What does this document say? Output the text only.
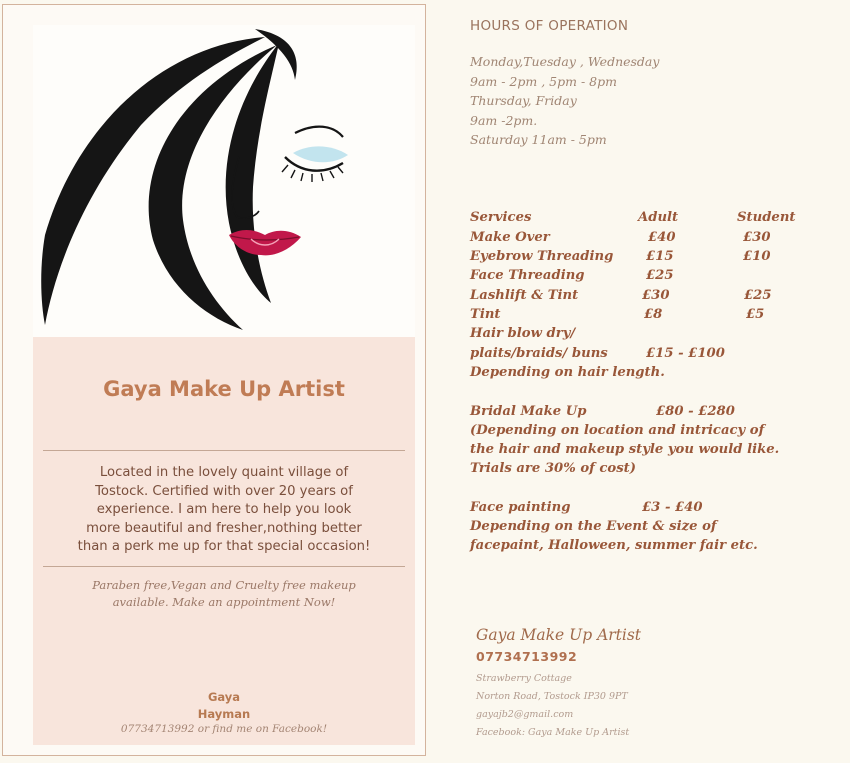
Gaya Make Up Artist
Located in the lovely quaint village of
Tostock. Certified with over 20 years of
experience. I am here to help you look
more beautiful and fresher,nothing better
than a perk me up for that special occasion!
Paraben free,Vegan and Cruelty free makeup
available. Make an appointment Now!
Gaya
Hayman
07734713992 or find me on Facebook!
HOURS OF OPERATION
Monday,Tuesday , Wednesday
9am - 2pm , 5pm - 8pm
Thursday, Friday
9am -2pm.
Saturday 11am - 5pm
Services	Adult	Student
Make Over	£40	£30
Eyebrow Threading £15	£10
Face Threading	£25
Lashlift & Tint	£30	£25
Tint	£8	£5
Hair blow dry/
plaits/braids/ buns	£15 - £100
Depending on hair length.
Bridal Make Up	£80 - £280
(Depending on location and intricacy of
the hair and makeup style you would like.
Trials are 30% of cost)
Face painting	£3 - £40
Depending on the Event & size of
facepaint, Halloween, summer fair etc.
Gaya Make Up Artist
07734713992
Strawberry Cottage
Norton Road, Tostock IP30 9PT
gayajb2@gmail.com
Facebook: Gaya Make Up Artist
